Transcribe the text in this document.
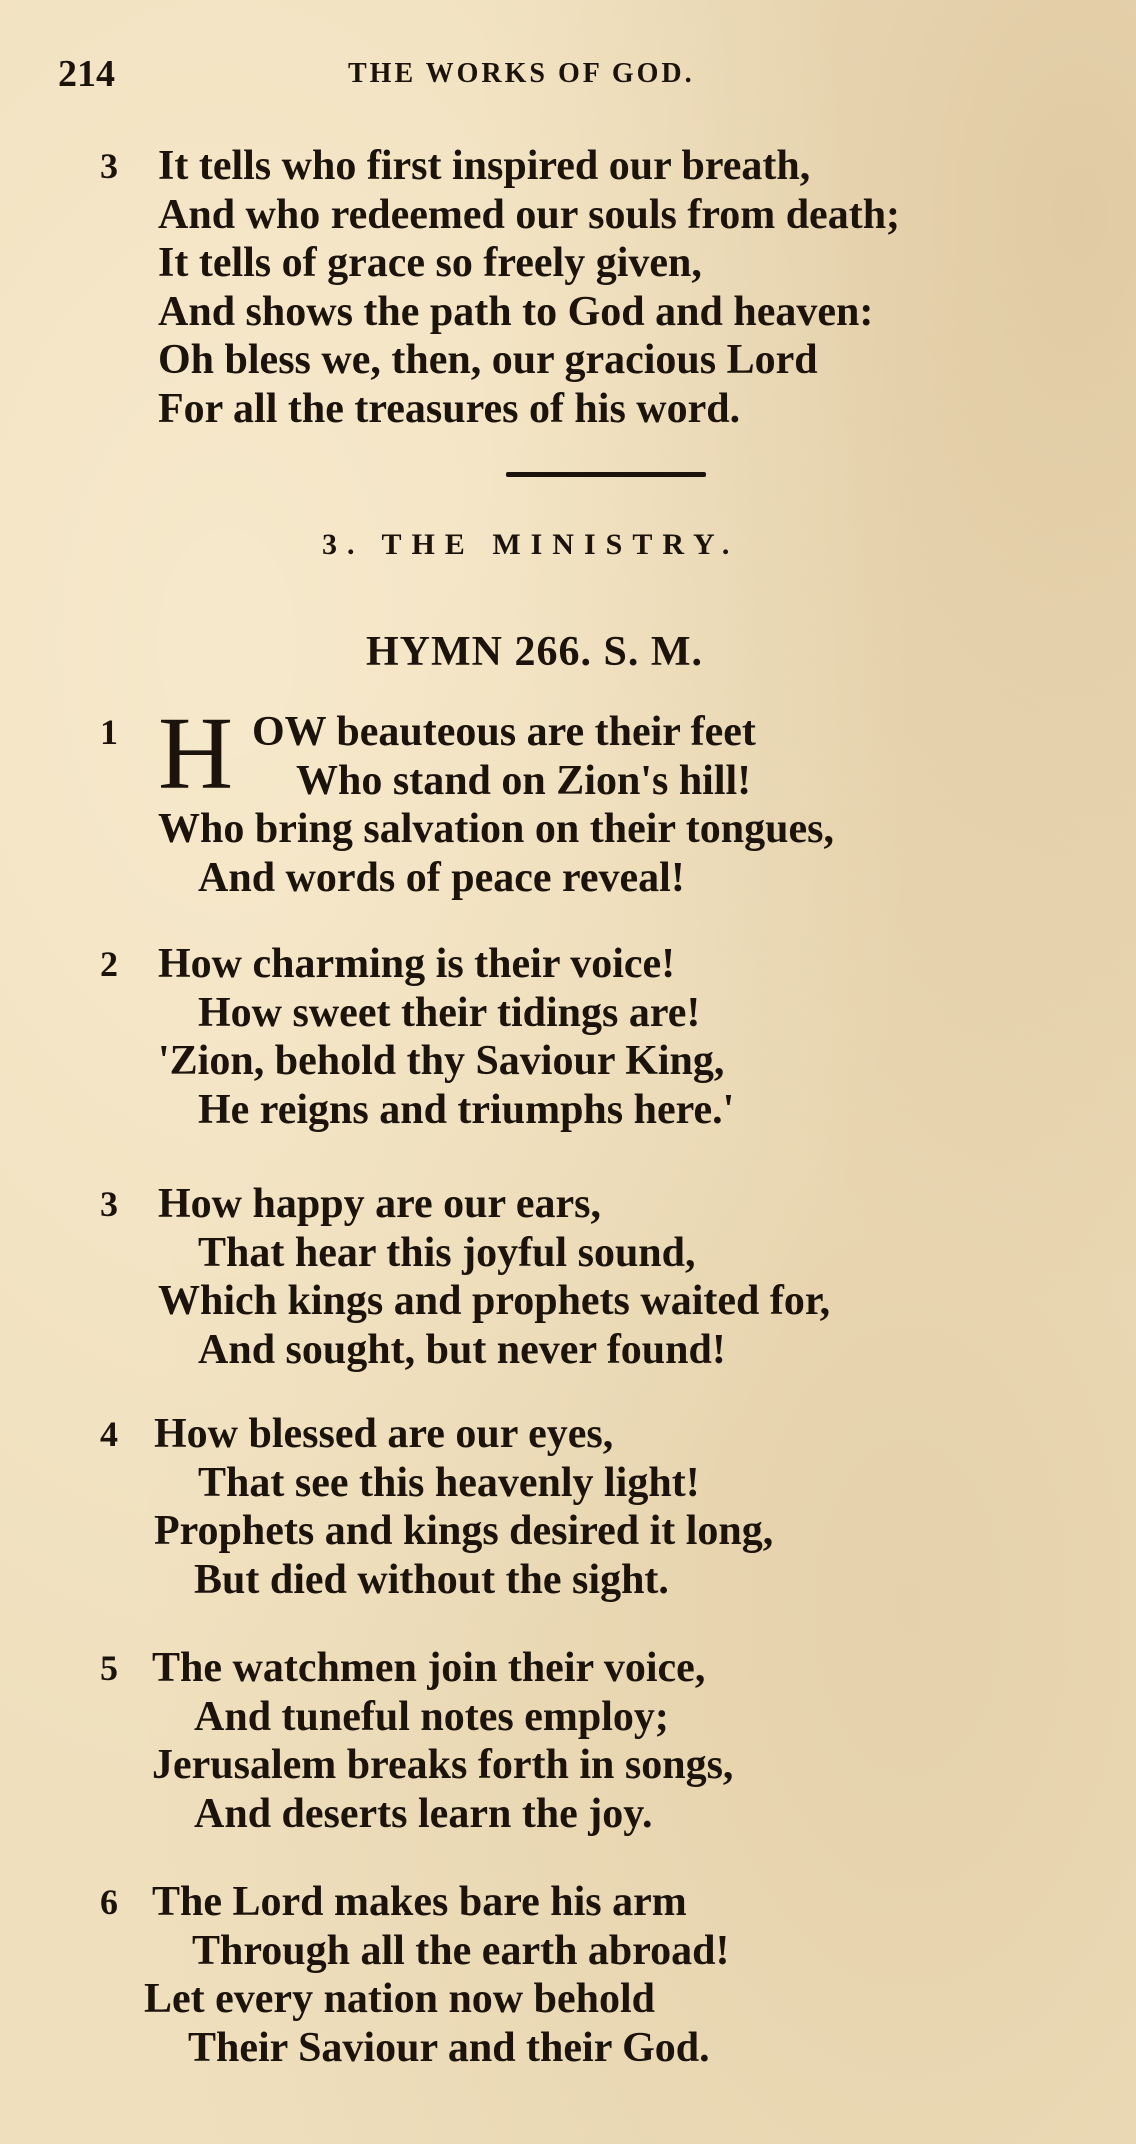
214	THE WORKS OF GOD.
3 It tells who first inspired our breath,
And who redeemed our souls from death;
It tells of grace so freely given,
And shows the path to God and heaven:
Oh bless we, then, our gracious Lord
For all the treasures of his word.
3. THE MINISTRY.
HYMN 266. S. M.
1 H OW beauteous are their feet
Who stand on Zion's hill!
Who bring salvation on their tongues,
And words of peace reveal!
2 How charming is their voice!
How sweet their tidings are!
'Zion, behold thy Saviour King,
He reigns and triumphs here.'
3 How happy are our ears,
That hear this joyful sound,
Which kings and prophets waited for,
And sought, but never found!
4 How blessed are our eyes,
That see this heavenly light!
Prophets and kings desired it long,
But died without the sight.
5 The watchmen join their voice,
And tuneful notes employ;
Jerusalem breaks forth in songs,
And deserts learn the joy.
6 The Lord makes bare his arm
Through all the earth abroad!
Let every nation now behold
Their Saviour and their God.
